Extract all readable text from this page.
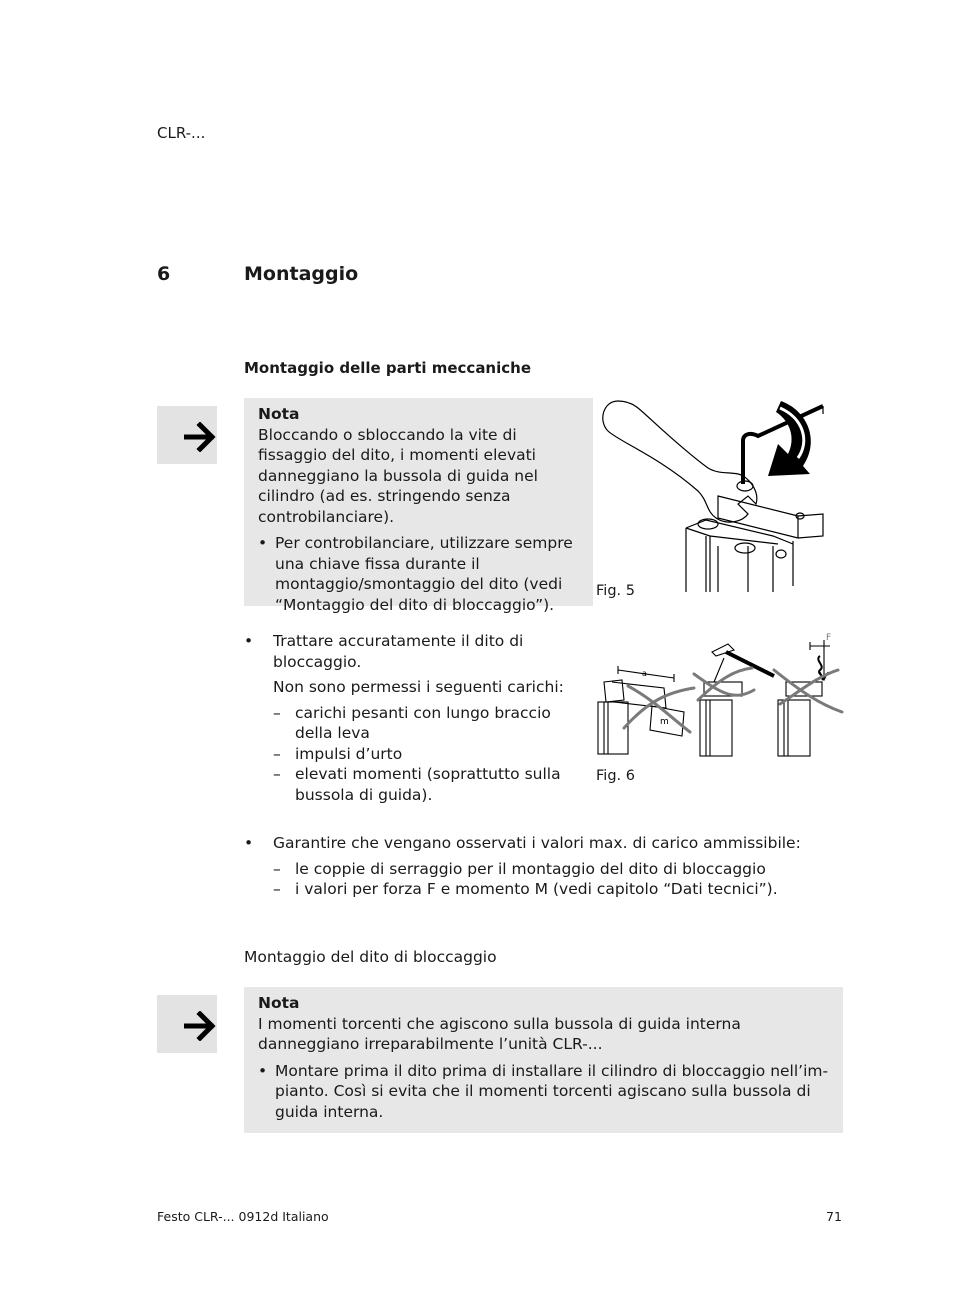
CLR-...
6	Montaggio
Montaggio delle parti meccaniche
Nota

Bloccando o sbloccando la vite di fissaggio del dito, i momenti elevati danneggiano la bussola di guida nel cilindro (ad es. stringendo senza controbilanciare).

• Per controbilanciare, utilizzare sempre una chiave fissa durante il montaggio/smontaggio del dito (vedi “Montaggio del dito di bloccaggio”).
Fig. 5
• Trattare accuratamente il dito di bloccaggio.

Non sono permessi i seguenti carichi:

– carichi pesanti con lungo braccio della leva
– impulsi d’urto
– elevati momenti (soprattutto sulla bussola di guida).
a
m
F
Fig. 6
• Garantire che vengano osservati i valori max. di carico ammissibile:
– le coppie di serraggio per il montaggio del dito di bloccaggio
– i valori per forza F e momento M (vedi capitolo “Dati tecnici”).
Montaggio del dito di bloccaggio
Nota

I momenti torcenti che agiscono sulla bussola di guida interna danneggiano irreparabilmente l’unità CLR-...

• Montare prima il dito prima di installare il cilindro di bloccaggio nell’impianto. Così si evita che il momenti torcenti agiscano sulla bussola di guida interna.
Festo CLR-... 0912d Italiano	71
